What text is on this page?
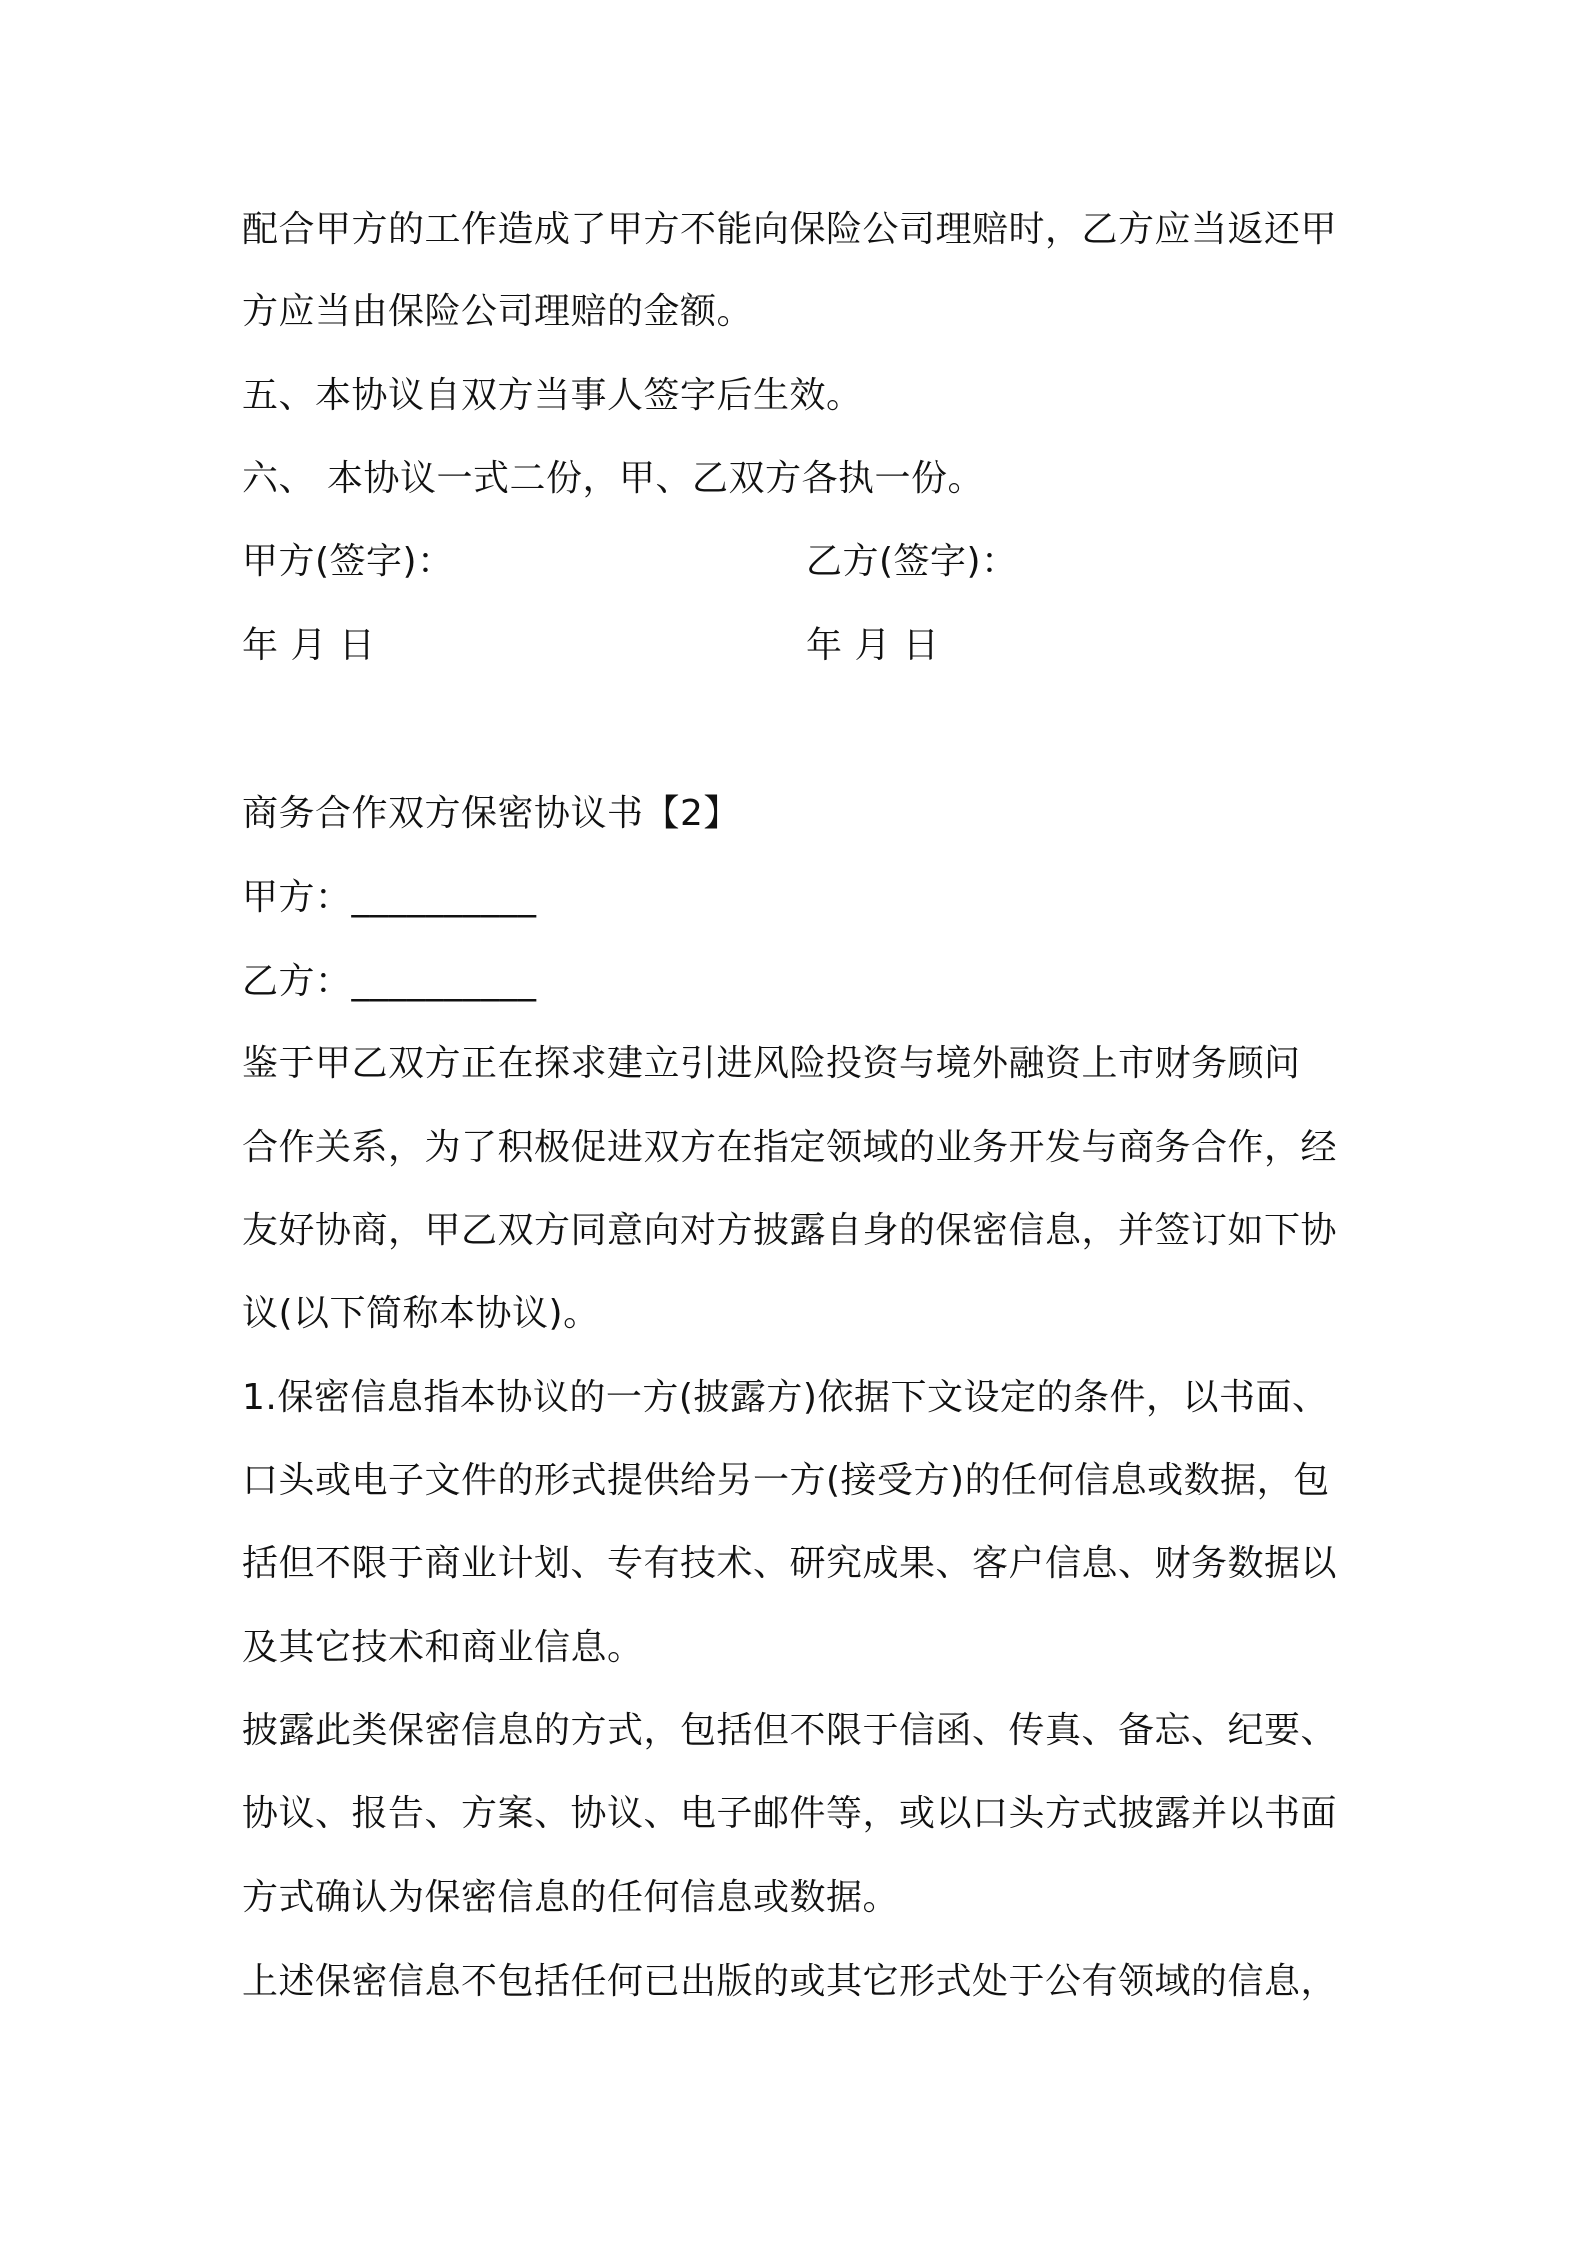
配合甲方的工作造成了甲方不能向保险公司理赔时，乙方应当返还甲
方应当由保险公司理赔的金额。
五、本协议自双方当事人签字后生效。
六、 本协议一式二份，甲、乙双方各执一份。
甲方(签字)：	乙方(签字)：
年 月 日	年 月 日
商务合作双方保密协议书【2】
甲方：__________
乙方：__________
鉴于甲乙双方正在探求建立引进风险投资与境外融资上市财务顾问
合作关系，为了积极促进双方在指定领域的业务开发与商务合作，经
友好协商，甲乙双方同意向对方披露自身的保密信息，并签订如下协
议(以下简称本协议)。
1.保密信息指本协议的一方(披露方)依据下文设定的条件，以书面、
口头或电子文件的形式提供给另一方(接受方)的任何信息或数据，包
括但不限于商业计划、专有技术、研究成果、客户信息、财务数据以
及其它技术和商业信息。
披露此类保密信息的方式，包括但不限于信函、传真、备忘、纪要、
协议、报告、方案、协议、电子邮件等，或以口头方式披露并以书面
方式确认为保密信息的任何信息或数据。
上述保密信息不包括任何已出版的或其它形式处于公有领域的信息，
